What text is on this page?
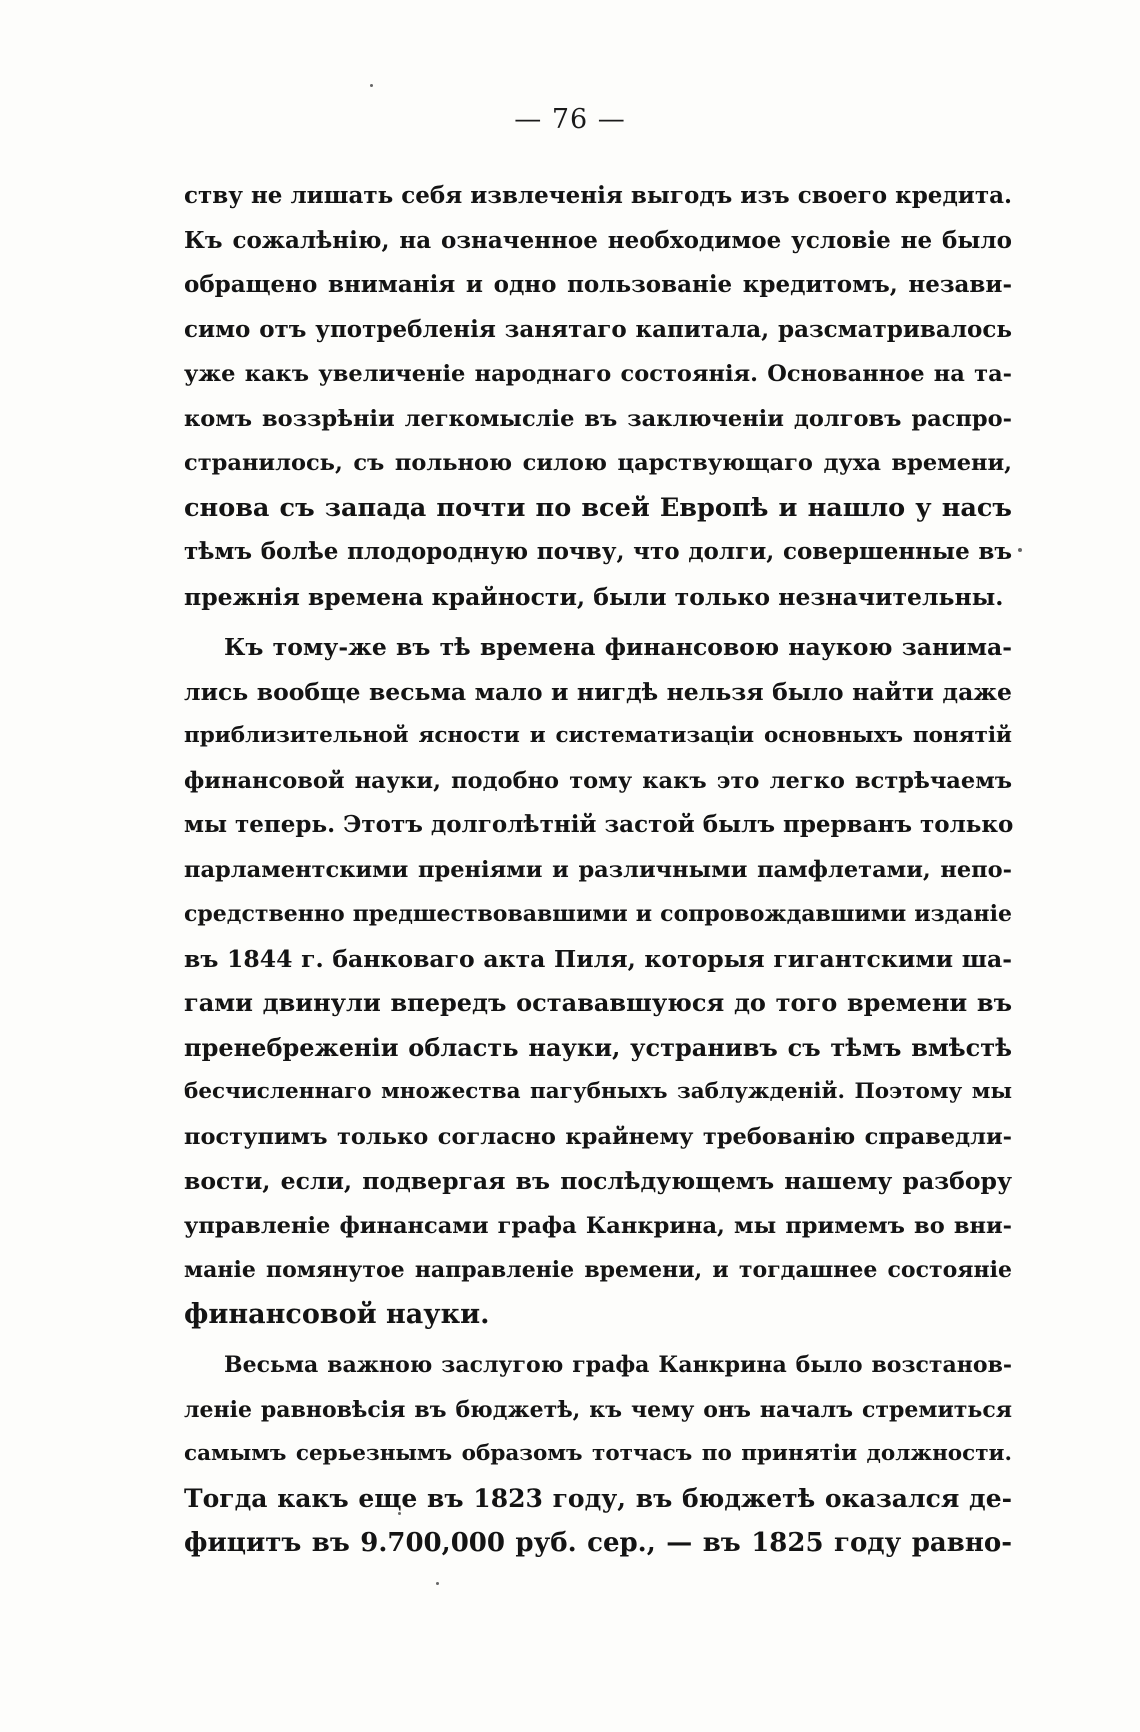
— 76 —
ству не лишать себя извлеченія выгодъ изъ своего кредита.
Къ сожалѣнію, на означенное необходимое условіе не было
обращено вниманія и одно пользованіе кредитомъ, незави-
симо отъ употребленія занятаго капитала, разсматривалось
уже какъ увеличеніе народнаго состоянія. Основанное на та-
комъ воззрѣніи легкомысліе въ заключеніи долговъ распро-
странилось, съ польною силою царствующаго духа времени,
снова съ запада почти по всей Европѣ и нашло у насъ
тѣмъ болѣе плодородную почву, что долги, совершенные въ
прежнія времена крайности, были только незначительны.
Къ тому-же въ тѣ времена финансовою наукою занима-
лись вообще весьма мало и нигдѣ нельзя было найти даже
приблизительной ясности и систематизаціи основныхъ понятій
финансовой науки, подобно тому какъ это легко встрѣчаемъ
мы теперь. Этотъ долголѣтній застой былъ прерванъ только
парламентскими преніями и различными памфлетами, непо-
средственно предшествовавшими и сопровождавшими изданіе
въ 1844 г. банковаго акта Пиля, которыя гигантскими ша-
гами двинули впередъ остававшуюся до того времени въ
пренебреженіи область науки, устранивъ съ тѣмъ вмѣстѣ
бесчисленнаго множества пагубныхъ заблужденій. Поэтому мы
поступимъ только согласно крайнему требованію справедли-
вости, если, подвергая въ послѣдующемъ нашему разбору
управленіе финансами графа Канкрина, мы примемъ во вни-
маніе помянутое направленіе времени, и тогдашнее состояніе
финансовой науки.
Весьма важною заслугою графа Канкрина было возстанов-
леніе равновѣсія въ бюджетѣ, къ чему онъ началъ стремиться
самымъ серьезнымъ образомъ тотчасъ по принятіи должности.
Тогда какъ еще въ 1823 году, въ бюджетѣ оказался де-
фицитъ въ 9.700,000 руб. сер., — въ 1825 году равно-
